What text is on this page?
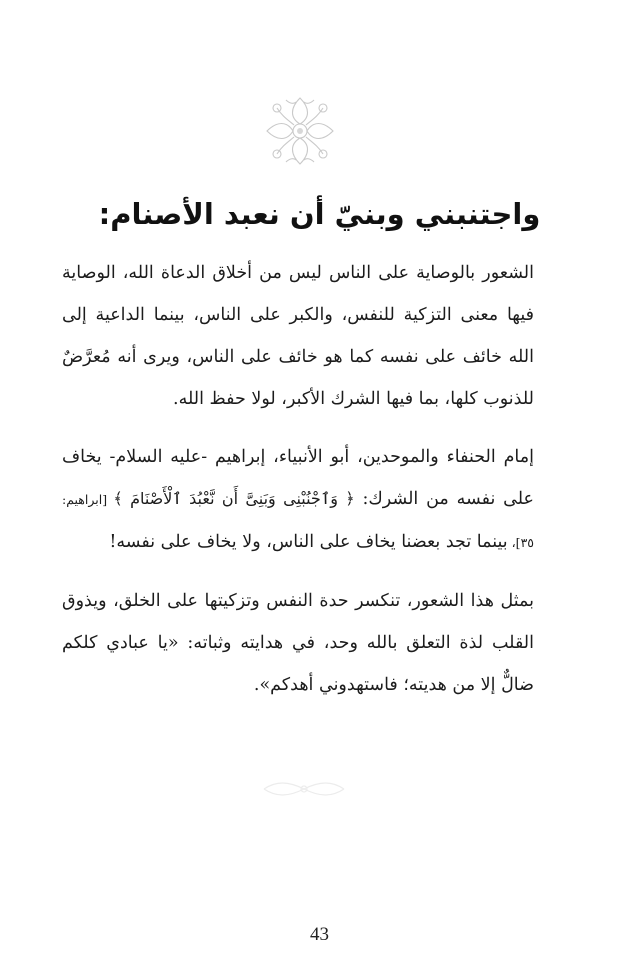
واجتنبني وبنيّ أن نعبد الأصنام:

الشعور بالوصاية على الناس ليس من أخلاق الدعاة الله، الوصاية فيها معنى التزكية للنفس، والكبر على الناس، بينما الداعية إلى الله خائف على نفسه كما هو خائف على الناس، ويرى أنه مُعرَّضٌ للذنوب كلها، بما فيها الشرك الأكبر، لولا حفظ الله.

إمام الحنفاء والموحدين، أبو الأنبياء، إبراهيم -عليه السلام- يخاف على نفسه من الشرك: ﴿ وَٱجْنُبْنِى وَبَنِىَّ أَن نَّعْبُدَ ٱلْأَصْنَامَ ﴾ [ابراهيم: ٣٥]، بينما تجد بعضنا يخاف على الناس، ولا يخاف على نفسه!

بمثل هذا الشعور، تنكسر حدة النفس وتزكيتها على الخلق، ويذوق القلب لذة التعلق بالله وحد، في هدايته وثباته: «يا عبادي كلكم ضالٌّ إلا من هديته؛ فاستهدوني أهدكم».

43
